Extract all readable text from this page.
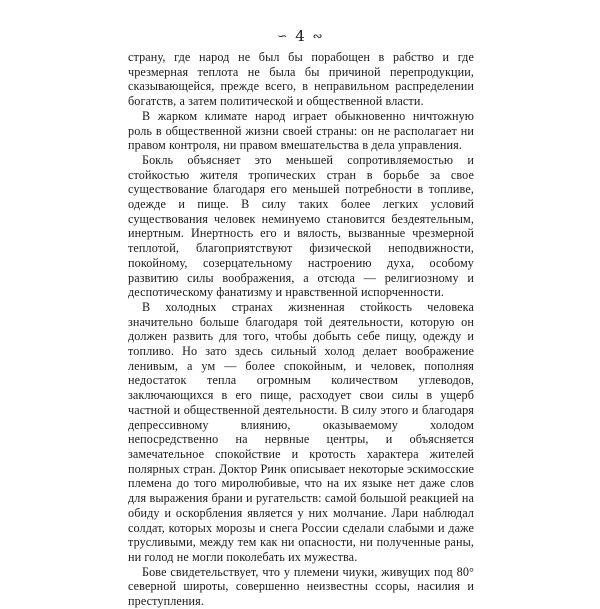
∽ 4 ∾

страну, где народ не был бы порабощен в рабство и где чрезмерная теплота не была бы причиной перепродукции, сказывающейся, прежде всего, в неправильном распределении богатств, а затем политической и общественной власти.

В жарком климате народ играет обыкновенно ничтожную роль в общественной жизни своей страны: он не располагает ни правом контроля, ни правом вмешательства в дела управления.

Бокль объясняет это меньшей сопротивляемостью и стойкостью жителя тропических стран в борьбе за свое существование благодаря его меньшей потребности в топливе, одежде и пище. В силу таких более легких условий существования человек неминуемо становится бездеятельным, инертным. Инертность его и вялость, вызванные чрезмерной теплотой, благоприятствуют физической неподвижности, покойному, созерцательному настроению духа, особому развитию силы воображения, а отсюда — религиозному и деспотическому фанатизму и нравственной испорченности.

В холодных странах жизненная стойкость человека значительно больше благодаря той деятельности, которую он должен развить для того, чтобы добыть себе пищу, одежду и топливо. Но зато здесь сильный холод делает воображение ленивым, а ум — более спокойным, и человек, пополняя недостаток тепла огромным количеством углеводов, заключающихся в его пище, расходует свои силы в ущерб частной и общественной деятельности. В силу этого и благодаря депрессивному влиянию, оказываемому холодом непосредственно на нервные центры, и объясняется замечательное спокойствие и кротость характера жителей полярных стран. Доктор Ринк описывает некоторые эскимосские племена до того миролюбивые, что на их языке нет даже слов для выражения брани и ругательств: самой большой реакцией на обиду и оскорбления является у них молчание. Лари наблюдал солдат, которых морозы и снега России сделали слабыми и даже трусливыми, между тем как ни опасности, ни полученные раны, ни голод не могли поколебать их мужества.

Бове свидетельствует, что у племени чиуки, живущих под 80° северной широты, совершенно неизвестны ссоры, насилия и преступления.
